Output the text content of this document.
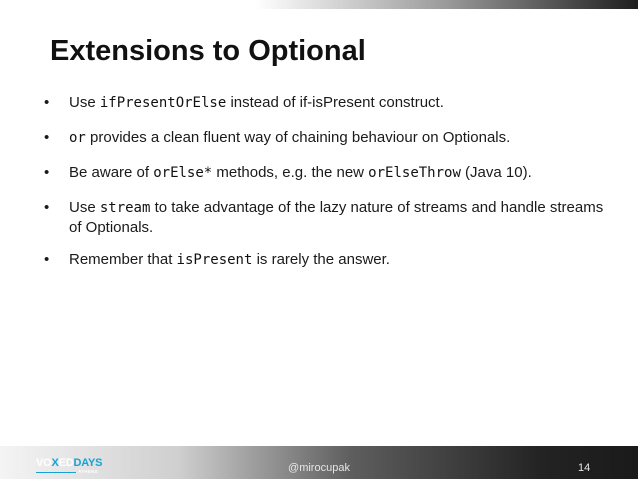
Extensions to Optional
• Use ifPresentOrElse instead of if-isPresent construct.
• or provides a clean fluent way of chaining behaviour on Optionals.
• Be aware of orElse* methods, e.g. the new orElseThrow (Java 10).
• Use stream to take advantage of the lazy nature of streams and handle streams of Optionals.
• Remember that isPresent is rarely the answer.
VOXEDDAYS
ATHENS	@mirocupak	14
